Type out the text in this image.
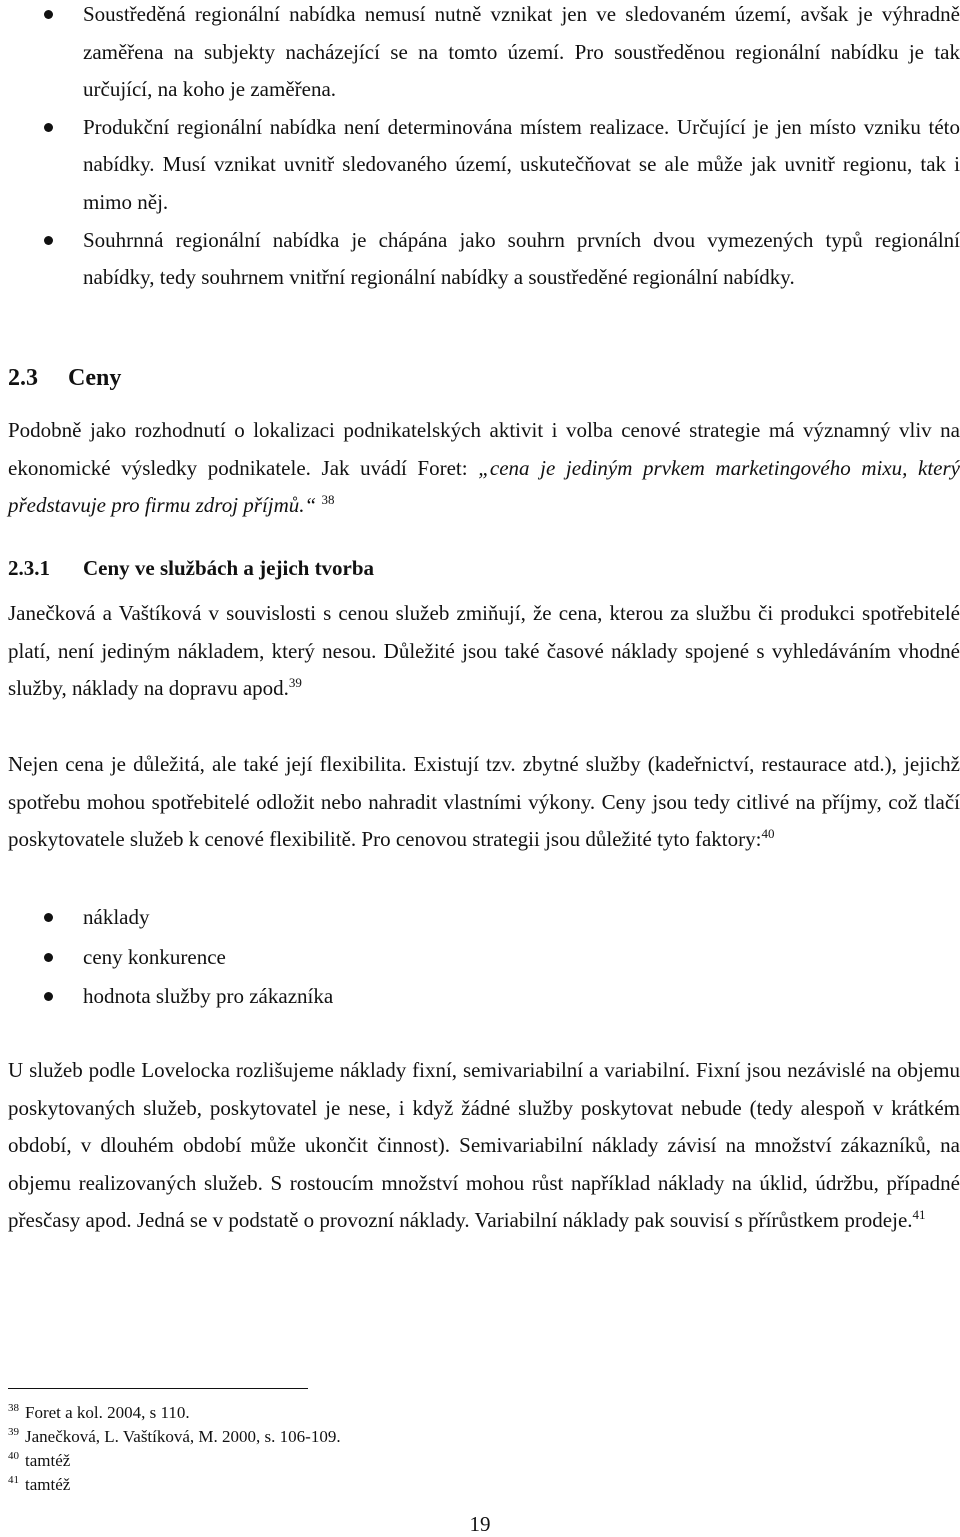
Soustředěná regionální nabídka nemusí nutně vznikat jen ve sledovaném území, avšak je výhradně zaměřena na subjekty nacházející se na tomto území. Pro soustředěnou regionální nabídku je tak určující, na koho je zaměřena.
Produkční regionální nabídka není determinována místem realizace. Určující je jen místo vzniku této nabídky. Musí vznikat uvnitř sledovaného území, uskutečňovat se ale může jak uvnitř regionu, tak i mimo něj.
Souhrnná regionální nabídka je chápána jako souhrn prvních dvou vymezených typů regionální nabídky, tedy souhrnem vnitřní regionální nabídky a soustředěné regionální nabídky.
2.3 Ceny

Podobně jako rozhodnutí o lokalizaci podnikatelských aktivit i volba cenové strategie má významný vliv na ekonomické výsledky podnikatele. Jak uvádí Foret: „cena je jediným prvkem marketingového mixu, který představuje pro firmu zdroj příjmů.“ $^{38}$

2.3.1 Ceny ve službách a jejich tvorba

Janečková a Vaštíková v souvislosti s cenou služeb zmiňují, že cena, kterou za službu či produkci spotřebitelé platí, není jediným nákladem, který nesou. Důležité jsou také časové náklady spojené s vyhledáváním vhodné služby, náklady na dopravu apod.$^{39}$

Nejen cena je důležitá, ale také její flexibilita. Existují tzv. zbytné služby (kadeřnictví, restaurace atd.), jejichž spotřebu mohou spotřebitelé odložit nebo nahradit vlastními výkony. Ceny jsou tedy citlivé na příjmy, což tlačí poskytovatele služeb k cenové flexibilitě. Pro cenovou strategii jsou důležité tyto faktory:$^{40}$

náklady
ceny konkurence
hodnota služby pro zákazníka

U služeb podle Lovelocka rozlišujeme náklady fixní, semivariabilní a variabilní. Fixní jsou nezávislé na objemu poskytovaných služeb, poskytovatel je nese, i když žádné služby poskytovat nebude (tedy alespoň v krátkém období, v dlouhém období může ukončit činnost). Semivariabilní náklady závisí na množství zákazníků, na objemu realizovaných služeb. S rostoucím množství mohou růst například náklady na úklid, údržbu, případné přesčasy apod. Jedná se v podstatě o provozní náklady. Variabilní náklady pak souvisí s přírůstkem prodeje.$^{41}$

$^{38}$ Foret a kol. 2004, s 110.

$^{39}$ Janečková, L. Vaštíková, M. 2000, s. 106-109.

$^{40}$ tamtéž

$^{41}$ tamtéž

19
